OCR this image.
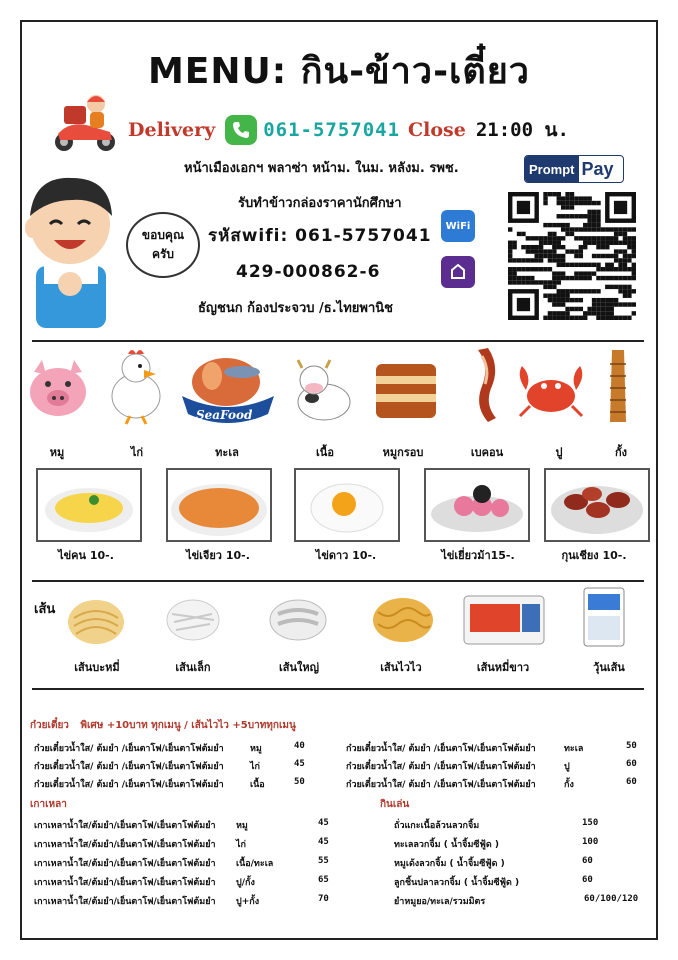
MENU: กิน-ข้าว-เตี๋ยว
Delivery	061-5757041 Close 21:00 น.
หน้าเมืองเอกฯ พลาซ่า หน้าม. ในม. หลังม. รพช.
รับทำข้าวกล่องราคานักศึกษา
รหัสwifi: 061-5757041
429-000862-6
ธัญชนก ก้องประจวบ /ธ.ไทยพานิช
WiFi
Prompt Pay
ขอบคุณ
ครับ
SeaFood
หมู	ไก่	ทะเล	เนื้อ	หมูกรอบ	เบคอน	ปู	กั้ง
ไข่คน 10-.	ไข่เจียว 10-.	ไข่ดาว 10-.	ไข่เยี่ยวม้า15-.	กุนเชียง 10-.
เส้น
เส้นบะหมี่	เส้นเล็ก	เส้นใหญ่	เส้นไวไว	เส้นหมี่ขาว	วุ้นเส้น
ก๋วยเตี๋ยว พิเศษ +10บาท ทุกเมนู / เส้นไวไว +5บาททุกเมนู
ก๋วยเตี๋ยวน้ำใส/ ต้มยำ /เย็นตาโฟ/เย็นตาโฟต้มยำ	หมู	40
ก๋วยเตี๋ยวน้ำใส/ ต้มยำ /เย็นตาโฟ/เย็นตาโฟต้มยำ	ไก่	45
ก๋วยเตี๋ยวน้ำใส/ ต้มยำ /เย็นตาโฟ/เย็นตาโฟต้มยำ	เนื้อ	50
ก๋วยเตี๋ยวน้ำใส/ ต้มยำ /เย็นตาโฟ/เย็นตาโฟต้มยำ	ทะเล	50
ก๋วยเตี๋ยวน้ำใส/ ต้มยำ /เย็นตาโฟ/เย็นตาโฟต้มยำ	ปู	60
ก๋วยเตี๋ยวน้ำใส/ ต้มยำ /เย็นตาโฟ/เย็นตาโฟต้มยำ	กั้ง	60
เกาเหลา
เกาเหลาน้ำใส/ต้มยำ/เย็นตาโฟ/เย็นตาโฟต้มยำ หมู	45
เกาเหลาน้ำใส/ต้มยำ/เย็นตาโฟ/เย็นตาโฟต้มยำ ไก่	45
เกาเหลาน้ำใส/ต้มยำ/เย็นตาโฟ/เย็นตาโฟต้มยำ เนื้อ/ทะเล	55
เกาเหลาน้ำใส/ต้มยำ/เย็นตาโฟ/เย็นตาโฟต้มยำ ปู/กั้ง	65
เกาเหลาน้ำใส/ต้มยำ/เย็นตาโฟ/เย็นตาโฟต้มยำ ปู+กั้ง	70
กินเล่น
ถั่วแกะเนื้อล้วนลวกจิ้ม	150
ทะเลลวกจิ้ม ( น้ำจิ้มซีฟู้ด )	100
หมูเด้งลวกจิ้ม ( น้ำจิ้มซีฟู้ด )	60
ลูกชิ้นปลาลวกจิ้ม ( น้ำจิ้มซีฟู้ด )	60
ยำหมูยอ/ทะเล/รวมมิตร	60/100/120
